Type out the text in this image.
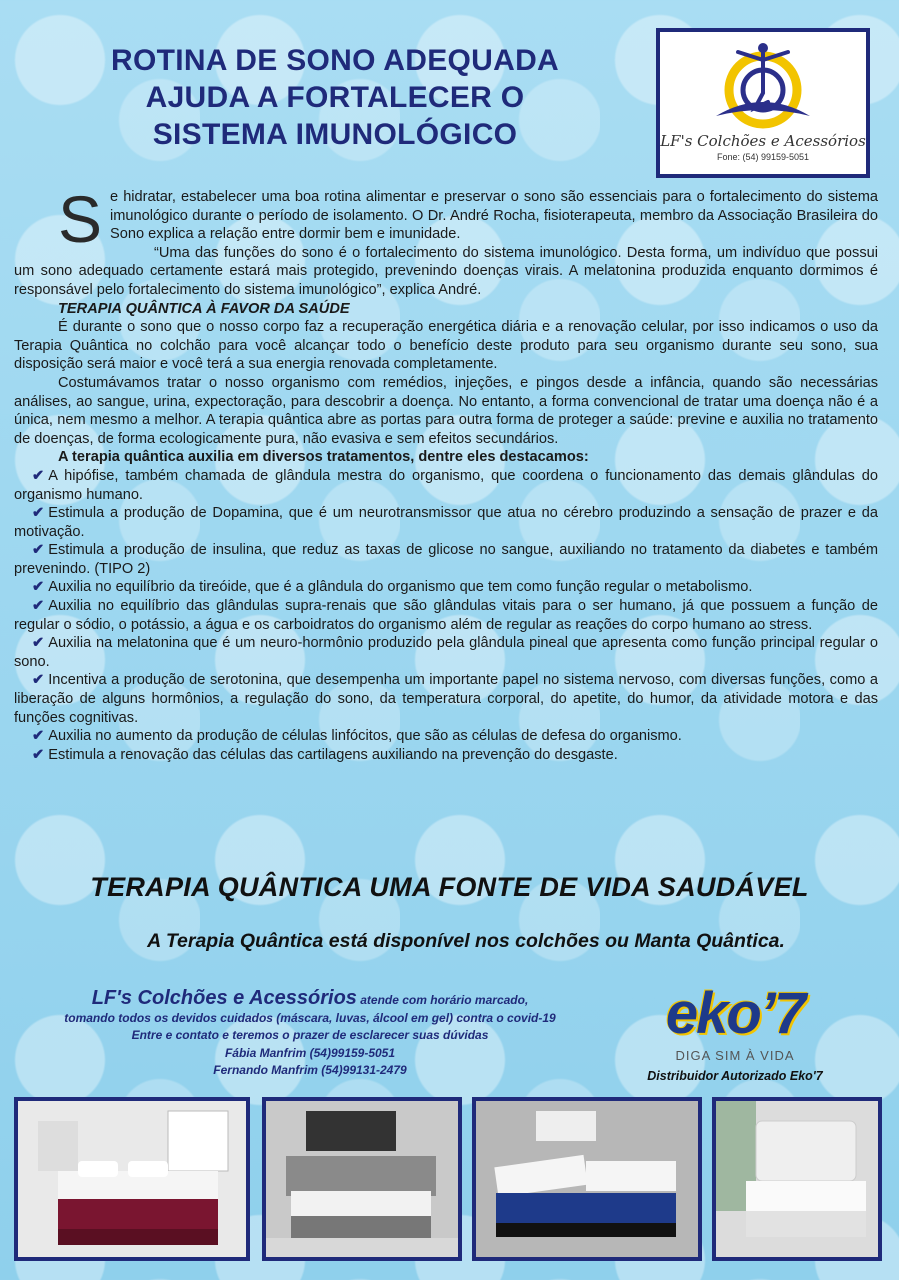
ROTINA DE SONO ADEQUADA
AJUDA A FORTALECER O
SISTEMA IMUNOLÓGICO	LF's Colchões e Acessórios
Fone: (54) 99159-5051

Se hidratar, estabelecer uma boa rotina alimentar e preservar o sono são essenciais para o fortalecimento do sistema imunológico durante o período de isolamento. O Dr. André Rocha, fisioterapeuta, membro da Associação Brasileira do Sono explica a relação entre dormir bem e imunidade.

“Uma das funções do sono é o fortalecimento do sistema imunológico. Desta forma, um indivíduo que possui um sono adequado certamente estará mais protegido, prevenindo doenças virais. A melatonina produzida enquanto dormimos é responsável pelo fortalecimento do sistema imunológico”, explica André.

TERAPIA QUÂNTICA À FAVOR DA SAÚDE

É durante o sono que o nosso corpo faz a recuperação energética diária e a renovação celular, por isso indicamos o uso da Terapia Quântica no colchão para você alcançar todo o benefício deste produto para seu organismo durante seu sono, sua disposição será maior e você terá a sua energia renovada completamente.

Costumávamos tratar o nosso organismo com remédios, injeções, e pingos desde a infância, quando são necessárias análises, ao sangue, urina, expectoração, para descobrir a doença. No entanto, a forma convencional de tratar uma doença não é a única, nem mesmo a melhor. A terapia quântica abre as portas para outra forma de proteger a saúde: previne e auxilia no tratamento de doenças, de forma ecologicamente pura, não evasiva e sem efeitos secundários.

A terapia quântica auxilia em diversos tratamentos, dentre eles destacamos:

✔ A hipófise, também chamada de glândula mestra do organismo, que coordena o funcionamento das demais glândulas do organismo humano.

✔ Estimula a produção de Dopamina, que é um neurotransmissor que atua no cérebro produzindo a sensação de prazer e da motivação.

✔ Estimula a produção de insulina, que reduz as taxas de glicose no sangue, auxiliando no tratamento da diabetes e também prevenindo. (TIPO 2)

✔ Auxilia no equilíbrio da tireóide, que é a glândula do organismo que tem como função regular o metabolismo.

✔ Auxilia no equilíbrio das glândulas supra-renais que são glândulas vitais para o ser humano, já que possuem a função de regular o sódio, o potássio, a água e os carboidratos do organismo além de regular as reações do corpo humano ao stress.

✔ Auxilia na melatonina que é um neuro-hormônio produzido pela glândula pineal que apresenta como função principal regular o sono.

✔ Incentiva a produção de serotonina, que desempenha um importante papel no sistema nervoso, com diversas funções, como a liberação de alguns hormônios, a regulação do sono, da temperatura corporal, do apetite, do humor, da atividade motora e das funções cognitivas.

✔ Auxilia no aumento da produção de células linfócitos, que são as células de defesa do organismo.

✔ Estimula a renovação das células das cartilagens auxiliando na prevenção do desgaste.

TERAPIA QUÂNTICA UMA FONTE DE VIDA SAUDÁVEL
A Terapia Quântica está disponível nos colchões ou Manta Quântica.
LF's Colchões e Acessórios atende com horário marcado,
tomando todos os devidos cuidados (máscara, luvas, álcool em gel) contra o covid-19
Entre e contato e teremos o prazer de esclarecer suas dúvidas
Fábia Manfrim (54)99159-5051
Fernando Manfrim (54)99131-2479
eko’7
DIGA SIM À VIDA
Distribuidor Autorizado Eko'7
